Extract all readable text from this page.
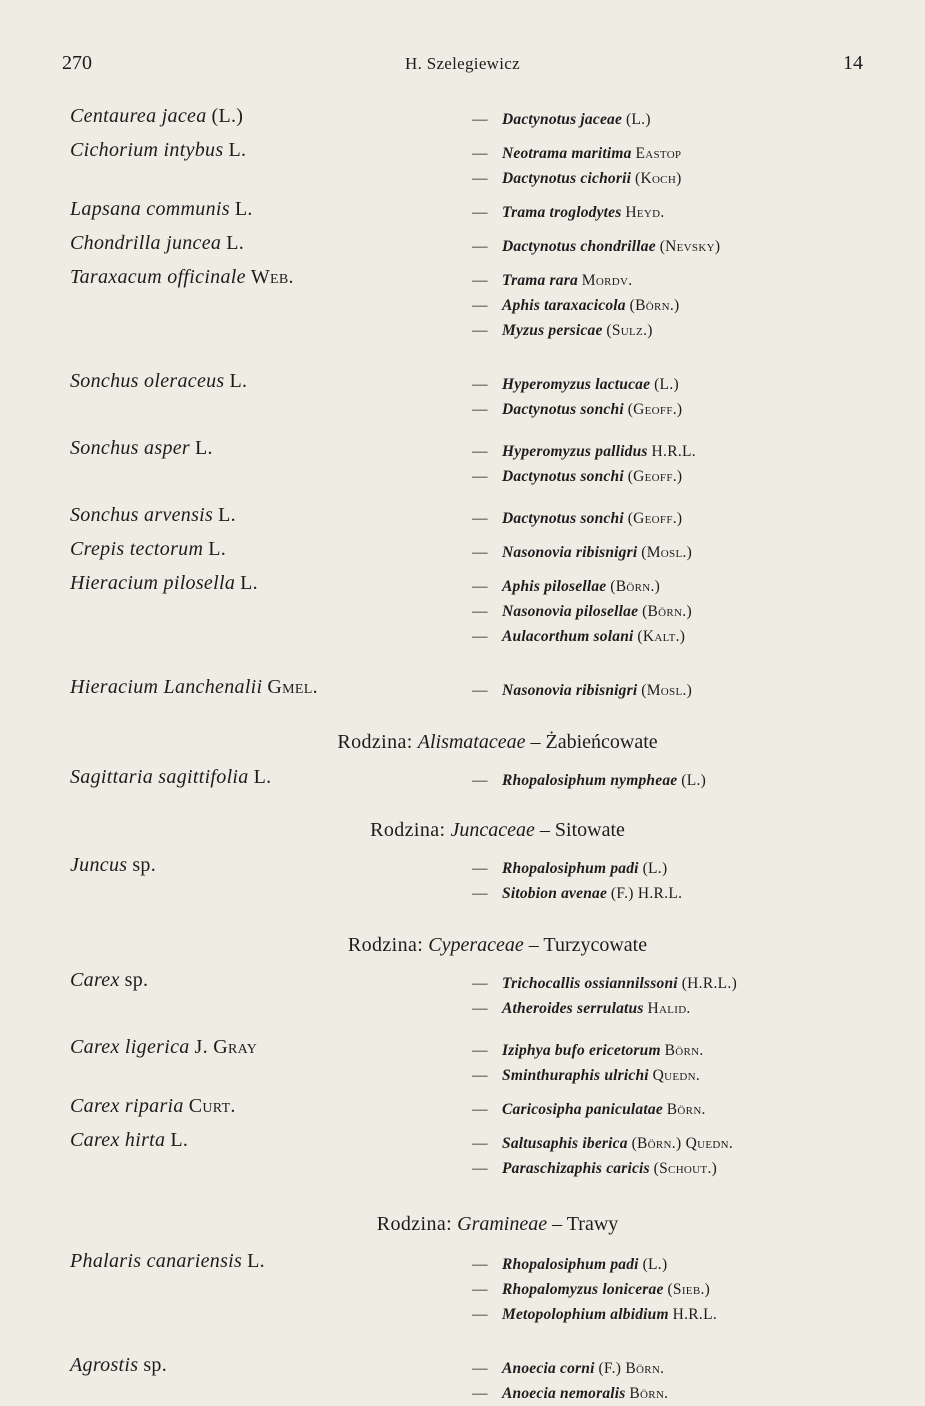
270	H. Szelegiewicz	14
Centaurea jacea (L.)	— Dactynotus jaceae (L.)
Cichorium intybus L.	— Neotrama maritima Eastop
— Dactynotus cichorii (Koch)
Lapsana communis L.	— Trama troglodytes Heyd.
Chondrilla juncea L.	— Dactynotus chondrillae (Nevsky)
Taraxacum officinale Web.	— Trama rara Mordv.
— Aphis taraxacicola (Börn.)
— Myzus persicae (Sulz.)
Sonchus oleraceus L.	— Hyperomyzus lactucae (L.)
— Dactynotus sonchi (Geoff.)
Sonchus asper L.	— Hyperomyzus pallidus H.R.L.
— Dactynotus sonchi (Geoff.)
Sonchus arvensis L.	— Dactynotus sonchi (Geoff.)
Crepis tectorum L.	— Nasonovia ribisnigri (Mosl.)
Hieracium pilosella L.	— Aphis pilosellae (Börn.)
— Nasonovia pilosellae (Börn.)
— Aulacorthum solani (Kalt.)
Hieracium Lanchenalii Gmel.	— Nasonovia ribisnigri (Mosl.)
Rodzina: Alismataceae – Żabieńcowate
Sagittaria sagittifolia L.	— Rhopalosiphum nympheae (L.)
Rodzina: Juncaceae – Sitowate
Juncus sp.	— Rhopalosiphum padi (L.)
— Sitobion avenae (F.) H.R.L.
Rodzina: Cyperaceae – Turzycowate
Carex sp.	— Trichocallis ossiannilssoni (H.R.L.)
— Atheroides serrulatus Halid.
Carex ligerica J. Gray	— Iziphya bufo ericetorum Börn.
— Sminthuraphis ulrichi Quedn.
Carex riparia Curt.	— Caricosipha paniculatae Börn.
Carex hirta L.	— Saltusaphis iberica (Börn.) Quedn.
— Paraschizaphis caricis (Schout.)
Rodzina: Gramineae – Trawy
Phalaris canariensis L.	— Rhopalosiphum padi (L.)
— Rhopalomyzus lonicerae (Sieb.)
— Metopolophium albidium H.R.L.
Agrostis sp.	— Anoecia corni (F.) Börn.
— Anoecia nemoralis Börn.
